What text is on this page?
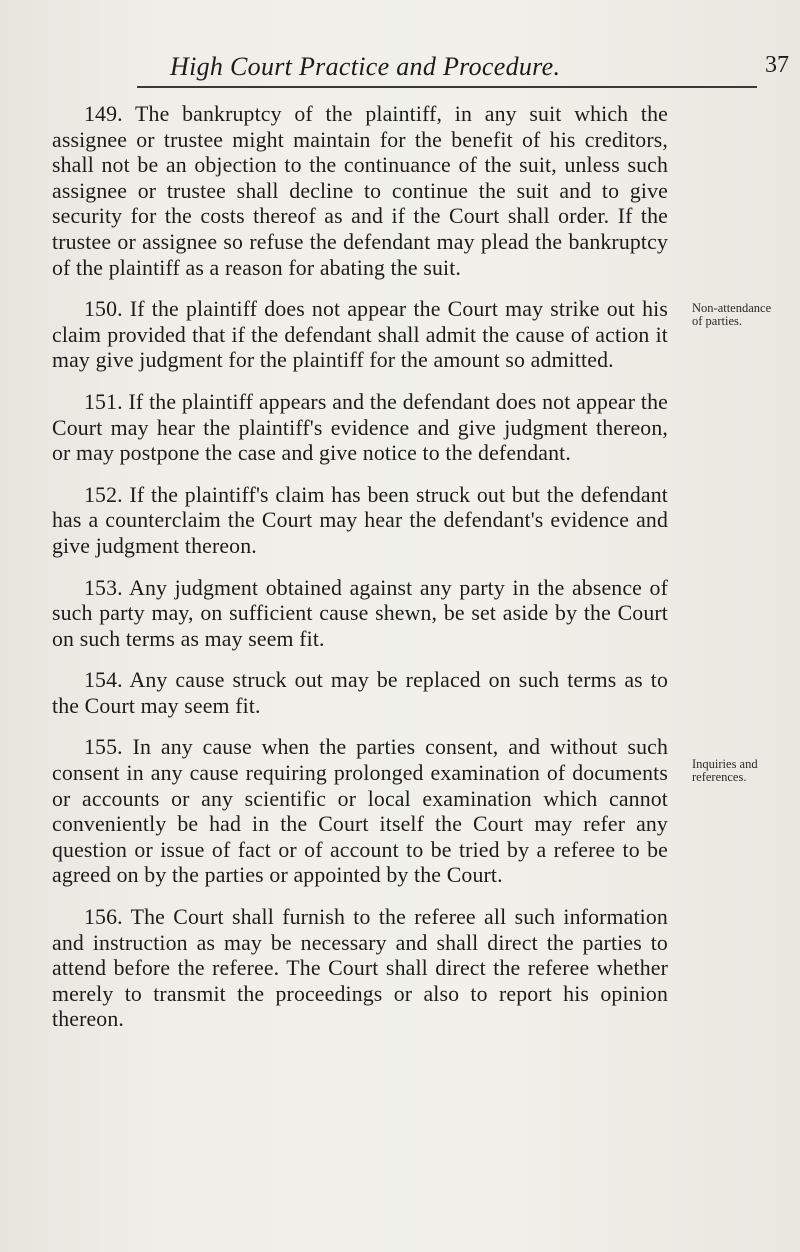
High Court Practice and Procedure.	37

149. The bankruptcy of the plaintiff, in any suit which the assignee or trustee might maintain for the benefit of his creditors, shall not be an objection to the continuance of the suit, unless such assignee or trustee shall decline to continue the suit and to give security for the costs thereof as and if the Court shall order. If the trustee or assignee so refuse the defendant may plead the bankruptcy of the plaintiff as a reason for abating the suit.

150. If the plaintiff does not appear the Court may strike out his claim provided that if the defendant shall admit the cause of action it may give judgment for the plaintiff for the amount so admitted.

151. If the plaintiff appears and the defendant does not appear the Court may hear the plaintiff's evidence and give judgment thereon, or may postpone the case and give notice to the defendant.

152. If the plaintiff's claim has been struck out but the defendant has a counterclaim the Court may hear the defendant's evidence and give judgment thereon.

153. Any judgment obtained against any party in the absence of such party may, on sufficient cause shewn, be set aside by the Court on such terms as may seem fit.

154. Any cause struck out may be replaced on such terms as to the Court may seem fit.

155. In any cause when the parties consent, and without such consent in any cause requiring prolonged examination of documents or accounts or any scientific or local examination which cannot conveniently be had in the Court itself the Court may refer any question or issue of fact or of account to be tried by a referee to be agreed on by the parties or appointed by the Court.

156. The Court shall furnish to the referee all such information and instruction as may be necessary and shall direct the parties to attend before the referee. The Court shall direct the referee whether merely to transmit the proceedings or also to report his opinion thereon.

Non-attendance
of parties.
Inquiries and
references.
